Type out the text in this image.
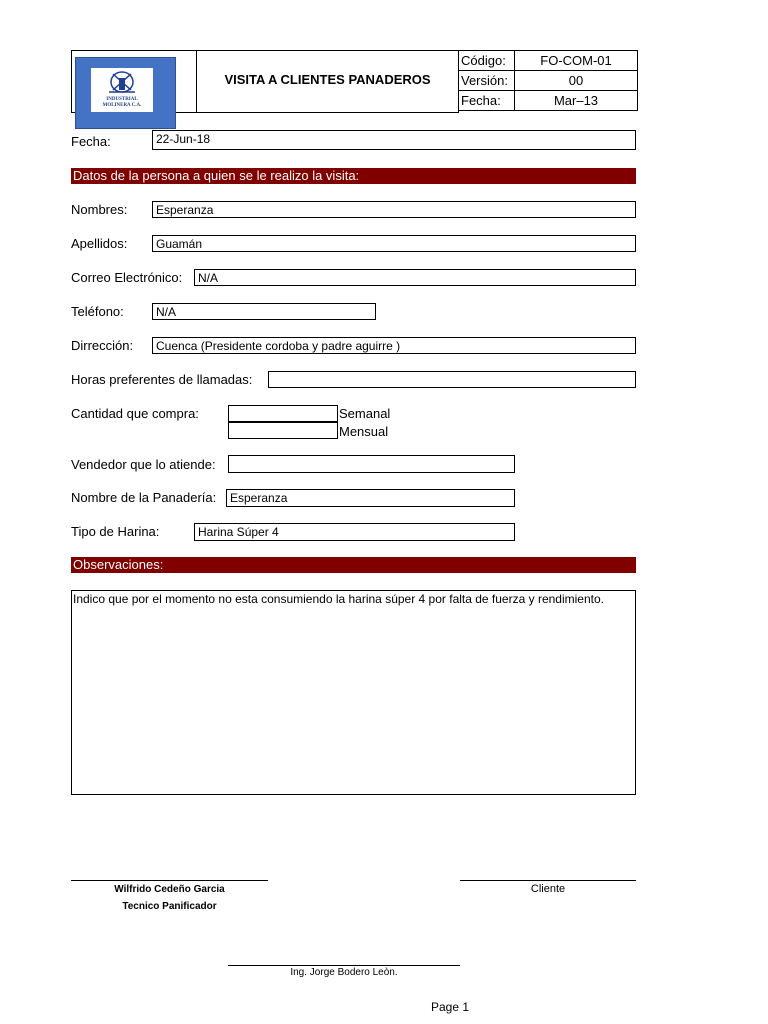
INDUSTRIAL
MOLINERA C.A.
VISITA A CLIENTES PANADEROS
Código:	FO-COM-01
Versión:	00
Fecha:	Mar–13
Fecha:	22-Jun-18
Datos de la persona a quien se le realizo la visita:
Nombres:	Esperanza
Apellidos:	Guamán
Correo Electrónico:	N/A
Teléfono:	N/A
Dirrección:	Cuenca (Presidente cordoba y padre aguirre )
Horas preferentes de llamadas:
Cantidad que compra:	Semanal
Mensual
Vendedor que lo atiende:
Nombre de la Panadería:	Esperanza
Tipo de Harina:	Harina Súper 4
Observaciones:
Indico que por el momento no esta consumiendo la harina súper 4 por falta de fuerza y rendimiento.
Wilfrido Cedeño Garcia
Tecnico Panificador
Cliente
Ing. Jorge Bodero Leòn.
Page 1
